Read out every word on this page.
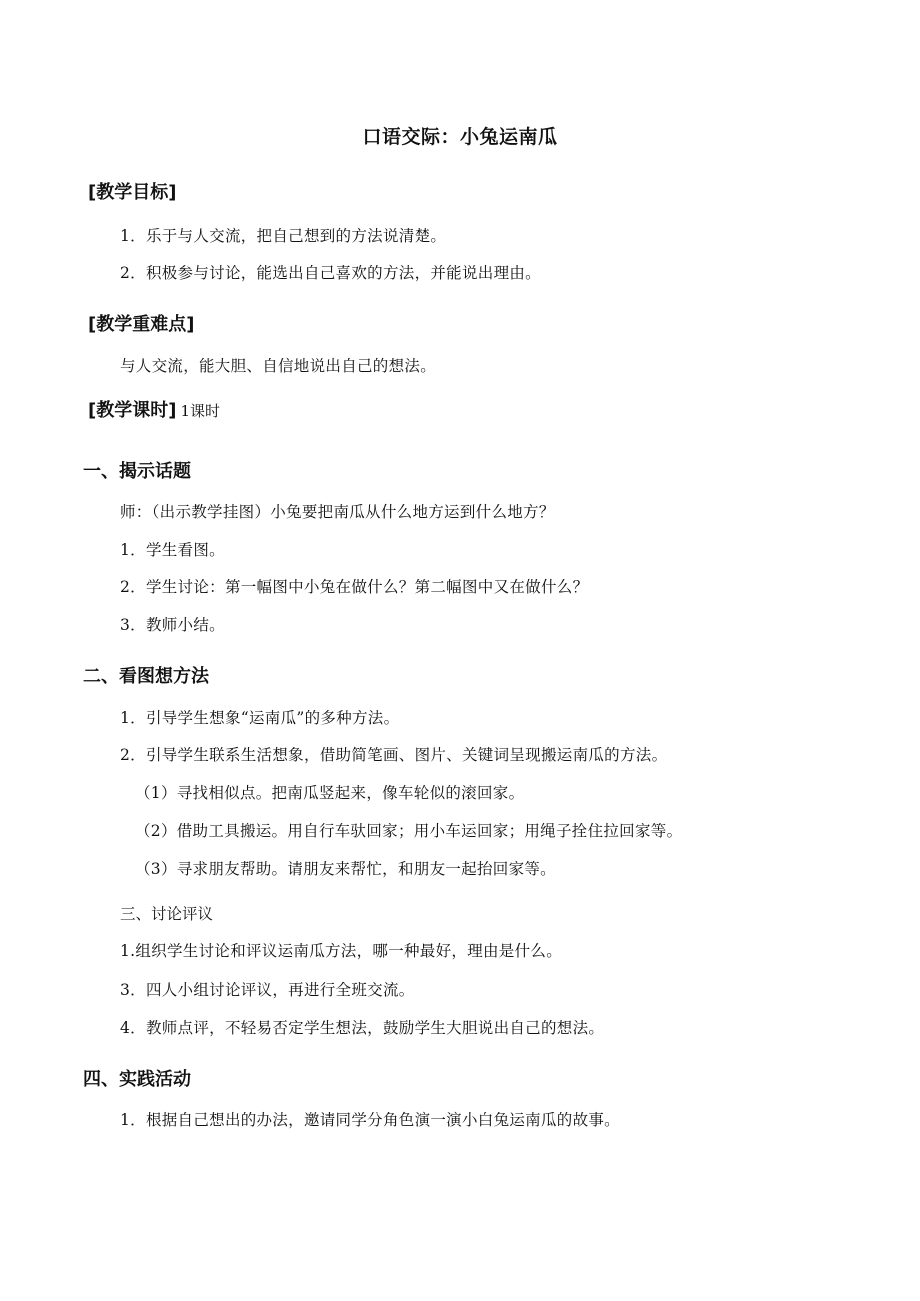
口语交际：小兔运南瓜
[教学目标]
1．乐于与人交流，把自己想到的方法说清楚。
2．积极参与讨论，能选出自己喜欢的方法，并能说出理由。
[教学重难点]
与人交流，能大胆、自信地说出自己的想法。
[教学课时] 1课时
一、揭示话题
师：（出示教学挂图）小兔要把南瓜从什么地方运到什么地方？
1．学生看图。
2．学生讨论：第一幅图中小兔在做什么？第二幅图中又在做什么？
3．教师小结。
二、看图想方法
1．引导学生想象“运南瓜”的多种方法。
2．引导学生联系生活想象，借助简笔画、图片、关键词呈现搬运南瓜的方法。
（1）寻找相似点。把南瓜竖起来，像车轮似的滚回家。
（2）借助工具搬运。用自行车驮回家；用小车运回家；用绳子拴住拉回家等。
（3）寻求朋友帮助。请朋友来帮忙，和朋友一起抬回家等。
三、讨论评议
1.组织学生讨论和评议运南瓜方法，哪一种最好，理由是什么。
3．四人小组讨论评议，再进行全班交流。
4．教师点评，不轻易否定学生想法，鼓励学生大胆说出自己的想法。
四、实践活动
1．根据自己想出的办法，邀请同学分角色演一演小白兔运南瓜的故事。
